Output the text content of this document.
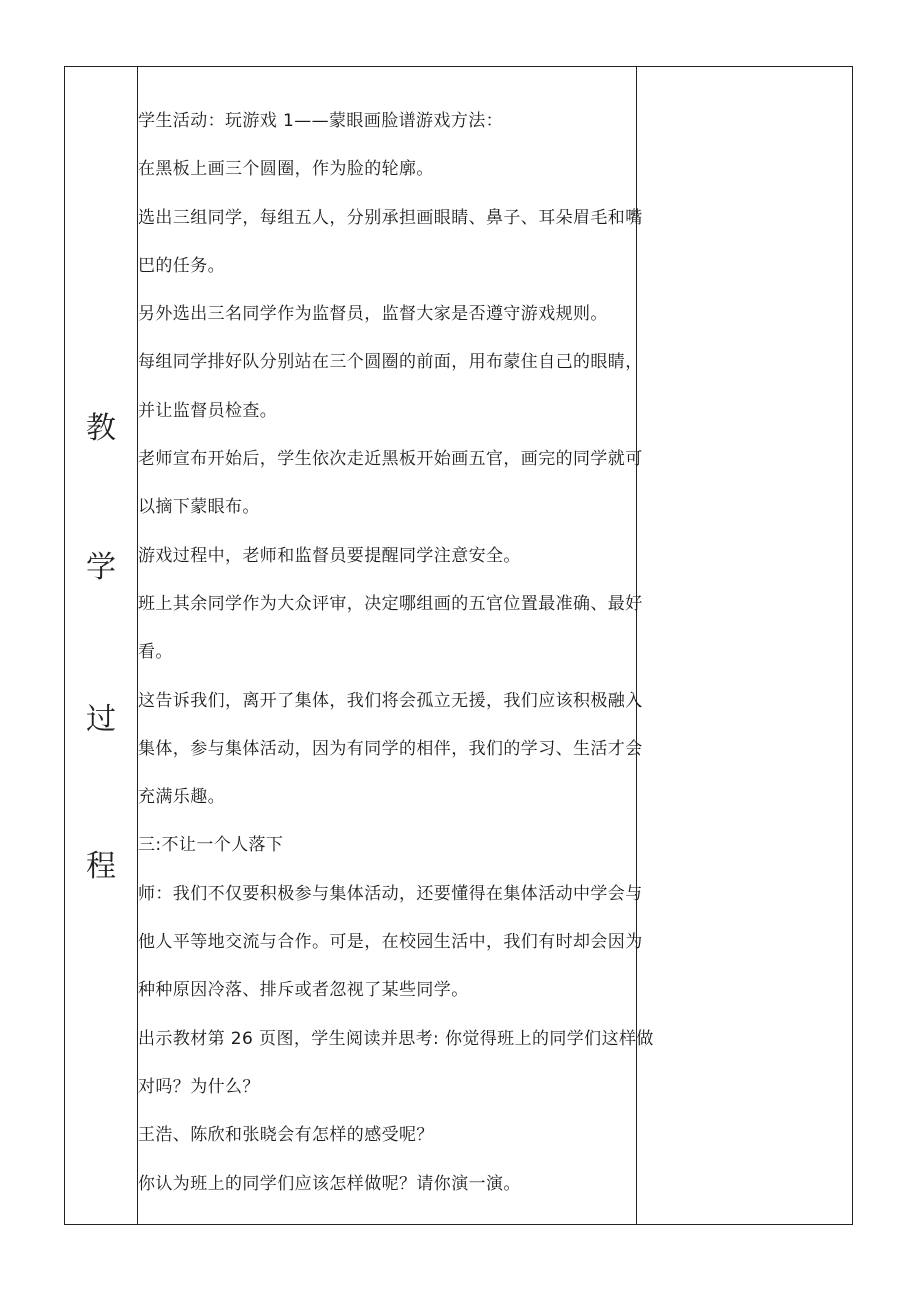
教
学
过
程
学生活动：玩游戏 1——蒙眼画脸谱游戏方法：
在黑板上画三个圆圈，作为脸的轮廓。
选出三组同学，每组五人，分别承担画眼睛、鼻子、耳朵眉毛和嘴
巴的任务。
另外选出三名同学作为监督员，监督大家是否遵守游戏规则。
每组同学排好队分别站在三个圆圈的前面，用布蒙住自己的眼睛，
并让监督员检查。
老师宣布开始后，学生依次走近黑板开始画五官，画完的同学就可
以摘下蒙眼布。
游戏过程中，老师和监督员要提醒同学注意安全。
班上其余同学作为大众评审，决定哪组画的五官位置最准确、最好
看。
这告诉我们，离开了集体，我们将会孤立无援，我们应该积极融入
集体，参与集体活动，因为有同学的相伴，我们的学习、生活才会
充满乐趣。
三:不让一个人落下
师：我们不仅要积极参与集体活动，还要懂得在集体活动中学会与
他人平等地交流与合作。可是，在校园生活中，我们有时却会因为
种种原因冷落、排斥或者忽视了某些同学。
出示教材第 26 页图，学生阅读并思考: 你觉得班上的同学们这样做
对吗？为什么？
王浩、陈欣和张晓会有怎样的感受呢？
你认为班上的同学们应该怎样做呢？请你演一演。
